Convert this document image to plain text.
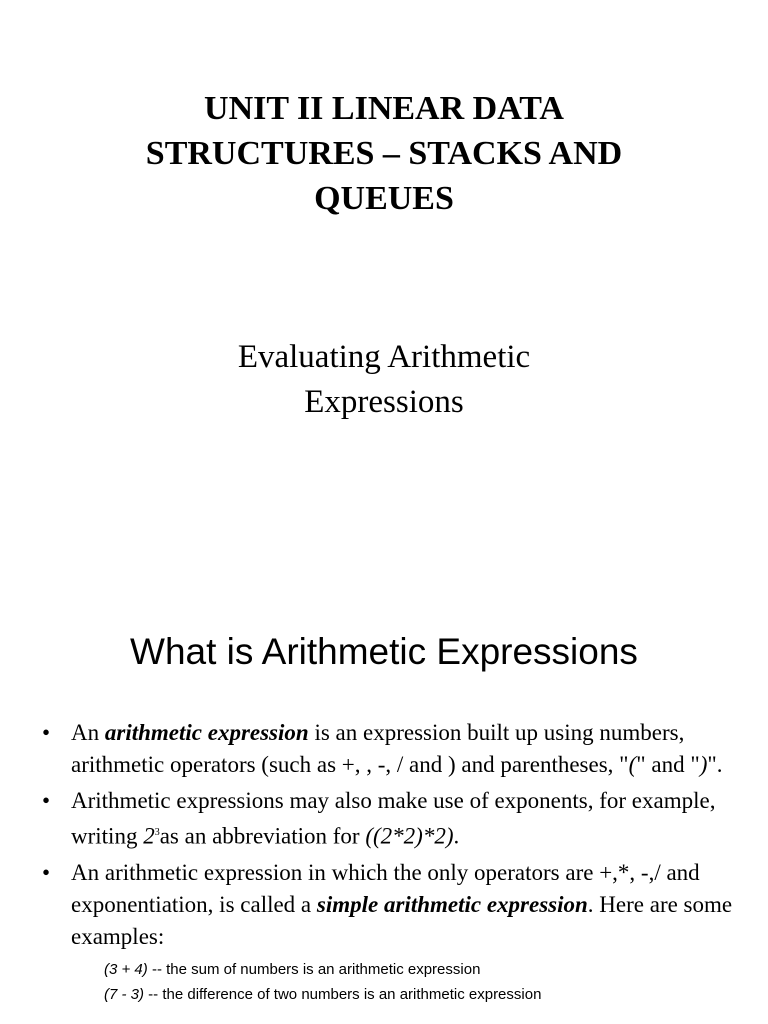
UNIT II LINEAR DATA
STRUCTURES – STACKS AND
QUEUES
Evaluating Arithmetic
Expressions
What is Arithmetic Expressions
• An arithmetic expression is an expression built up using numbers, arithmetic operators (such as +, , -, / and ) and parentheses, "(" and ")".
• Arithmetic expressions may also make use of exponents, for example, writing $2^3as$ an abbreviation for ((2*2)*2).
• An arithmetic expression in which the only operators are +,*, -,/ and exponentiation, is called a simple arithmetic expression. Here are some examples:
(3 + 4) -- the sum of numbers is an arithmetic expression
(7 - 3) -- the difference of two numbers is an arithmetic expression
